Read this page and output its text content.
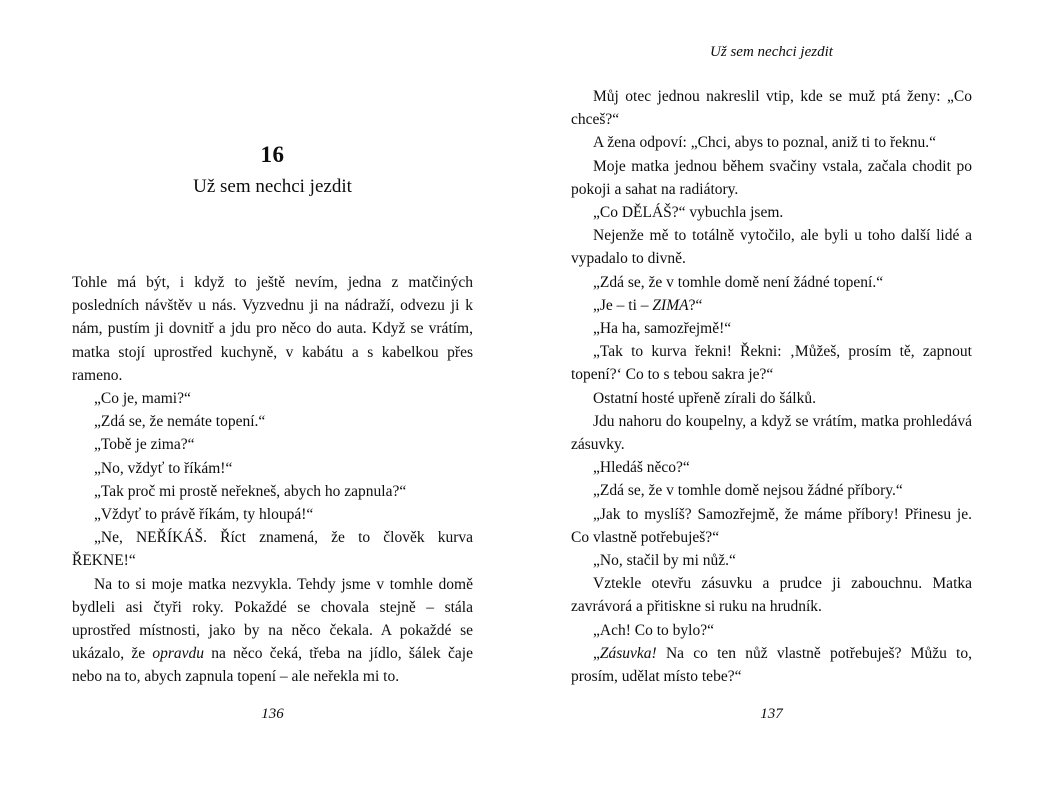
16
Už sem nechci jezdit

Tohle má být, i když to ještě nevím, jedna z matčiných posledních návštěv u nás. Vyzvednu ji na nádraží, odvezu ji k nám, pustím ji dovnitř a jdu pro něco do auta. Když se vrátím, matka stojí uprostřed kuchyně, v kabátu a s kabelkou přes rameno.

„Co je, mami?“

„Zdá se, že nemáte topení.“

„Tobě je zima?“

„No, vždyť to říkám!“

„Tak proč mi prostě neřekneš, abych ho zapnula?“

„Vždyť to právě říkám, ty hloupá!“

„Ne, NEŘÍKÁŠ. Říct znamená, že to člověk kurva ŘEKNE!“

Na to si moje matka nezvykla. Tehdy jsme v tomhle domě bydleli asi čtyři roky. Pokaždé se chovala stejně – stála uprostřed místnosti, jako by na něco čekala. A pokaždé se ukázalo, že opravdu na něco čeká, třeba na jídlo, šálek čaje nebo na to, abych zapnula topení – ale neřekla mi to.

136
Už sem nechci jezdit

Můj otec jednou nakreslil vtip, kde se muž ptá ženy: „Co chceš?“

A žena odpoví: „Chci, abys to poznal, aniž ti to řeknu.“

Moje matka jednou během svačiny vstala, začala chodit po pokoji a sahat na radiátory.

„Co DĚLÁŠ?“ vybuchla jsem.

Nejenže mě to totálně vytočilo, ale byli u toho další lidé a vypadalo to divně.

„Zdá se, že v tomhle domě není žádné topení.“

„Je – ti – ZIMA?“

„Ha ha, samozřejmě!“

„Tak to kurva řekni! Řekni: ‚Můžeš, prosím tě, zapnout topení?‘ Co to s tebou sakra je?“

Ostatní hosté upřeně zírali do šálků.

Jdu nahoru do koupelny, a když se vrátím, matka prohledává zásuvky.

„Hledáš něco?“

„Zdá se, že v tomhle domě nejsou žádné příbory.“

„Jak to myslíš? Samozřejmě, že máme příbory! Přinesu je. Co vlastně potřebuješ?“

„No, stačil by mi nůž.“

Vztekle otevřu zásuvku a prudce ji zabouchnu. Matka zavrávorá a přitiskne si ruku na hrudník.

„Ach! Co to bylo?“

„Zásuvka! Na co ten nůž vlastně potřebuješ? Můžu to, prosím, udělat místo tebe?“

137
